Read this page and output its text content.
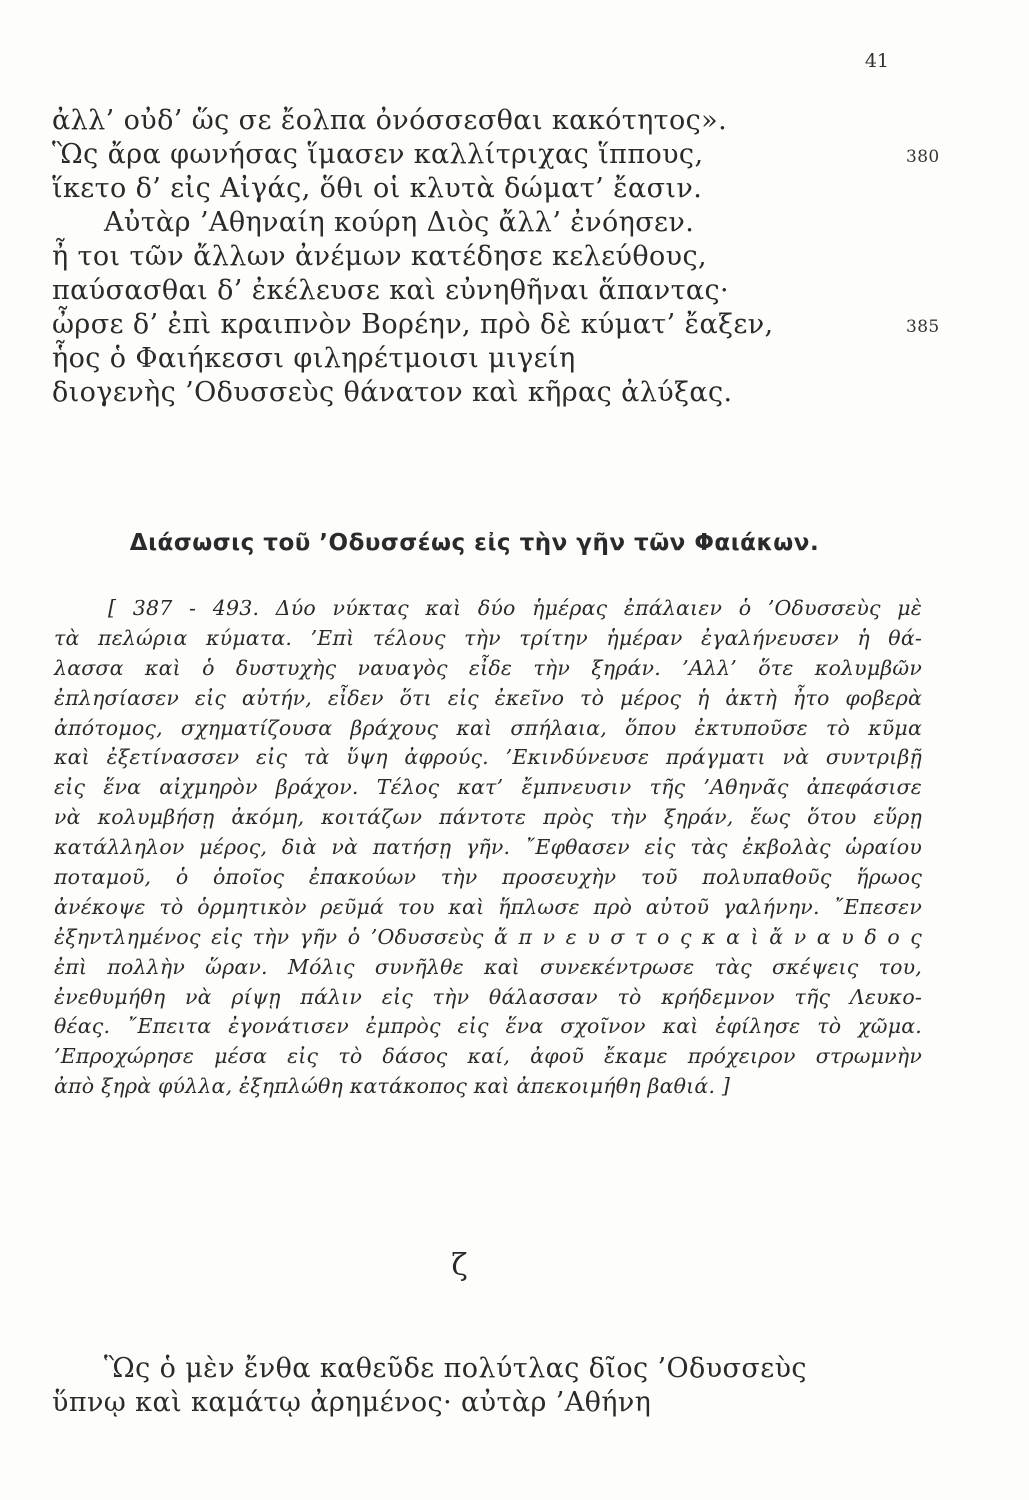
41
ἀλλ’ οὐδ’ ὥς σε ἔολπα ὀνόσσεσθαι κακότητος».
Ὣς ἄρα φωνήσας ἵμασεν καλλίτριχας ἵππους,	380
ἵκετο δ’ εἰς Αἰγάς, ὅθι οἱ κλυτὰ δώματ’ ἔασιν.
Αὐτὰρ ’Αθηναίη κούρη Διὸς ἄλλ’ ἐνόησεν.
ἦ τοι τῶν ἄλλων ἀνέμων κατέδησε κελεύθους,
παύσασθαι δ’ ἐκέλευσε καὶ εὐνηθῆναι ἅπαντας·
ὦρσε δ’ ἐπὶ κραιπνὸν Βορέην, πρὸ δὲ κύματ’ ἔαξεν,	385
ἧος ὁ Φαιήκεσσι φιληρέτμοισι μιγείη
διογενὴς ’Οδυσσεὺς θάνατον καὶ κῆρας ἀλύξας.
Διάσωσις τοῦ ’Οδυσσέως εἰς τὴν γῆν τῶν Φαιάκων.
[ 387 - 493. Δύο νύκτας καὶ δύο ἡμέρας ἐπάλαιεν ὁ ’Οδυσσεὺς μὲ
τὰ πελώρια κύματα. ’Επὶ τέλους τὴν τρίτην ἡμέραν ἐγαλήνευσεν ἡ θά-
λασσα καὶ ὁ δυστυχὴς ναυαγὸς εἶδε τὴν ξηράν. ’Αλλ’ ὅτε κολυμβῶν
ἐπλησίασεν εἰς αὐτήν, εἶδεν ὅτι εἰς ἐκεῖνο τὸ μέρος ἡ ἀκτὴ ἦτο φοβερὰ
ἀπότομος, σχηματίζουσα βράχους καὶ σπήλαια, ὅπου ἐκτυποῦσε τὸ κῦμα
καὶ ἐξετίνασσεν εἰς τὰ ὕψη ἀφρούς. ’Εκινδύνευσε πράγματι νὰ συντριβῇ
εἰς ἕνα αἰχμηρὸν βράχον. Τέλος κατ’ ἔμπνευσιν τῆς ’Αθηνᾶς ἀπεφάσισε
νὰ κολυμβήσῃ ἀκόμη, κοιτάζων πάντοτε πρὸς τὴν ξηράν, ἕως ὅτου εὕρῃ
κατάλληλον μέρος, διὰ νὰ πατήσῃ γῆν. ῎Εφθασεν εἰς τὰς ἐκβολὰς ὡραίου
ποταμοῦ, ὁ ὁποῖος ἐπακούων τὴν προσευχὴν τοῦ πολυπαθοῦς ἥρωος
ἀνέκοψε τὸ ὁρμητικὸν ρεῦμά του καὶ ἥπλωσε πρὸ αὐτοῦ γαλήνην. ῎Επεσεν
ἐξηντλημένος εἰς τὴν γῆν ὁ ’Οδυσσεὺς ἄ π ν ε υ σ τ ο ς κ α ὶ ἄ ν α υ δ ο ς
ἐπὶ πολλὴν ὥραν. Μόλις συνῆλθε καὶ συνεκέντρωσε τὰς σκέψεις του,
ἐνεθυμήθη νὰ ρίψῃ πάλιν εἰς τὴν θάλασσαν τὸ κρήδεμνον τῆς Λευκο-
θέας. ῎Επειτα ἐγονάτισεν ἐμπρὸς εἰς ἕνα σχοῖνον καὶ ἐφίλησε τὸ χῶμα.
’Επροχώρησε μέσα εἰς τὸ δάσος καί, ἀφοῦ ἔκαμε πρόχειρον στρωμνὴν
ἀπὸ ξηρὰ φύλλα, ἐξηπλώθη κατάκοπος καὶ ἀπεκοιμήθη βαθιά. ]
ζ
Ὣς ὁ μὲν ἔνθα καθεῦδε πολύτλας δῖος ’Οδυσσεὺς
ὕπνῳ καὶ καμάτῳ ἀρημένος· αὐτὰρ ’Αθήνη
